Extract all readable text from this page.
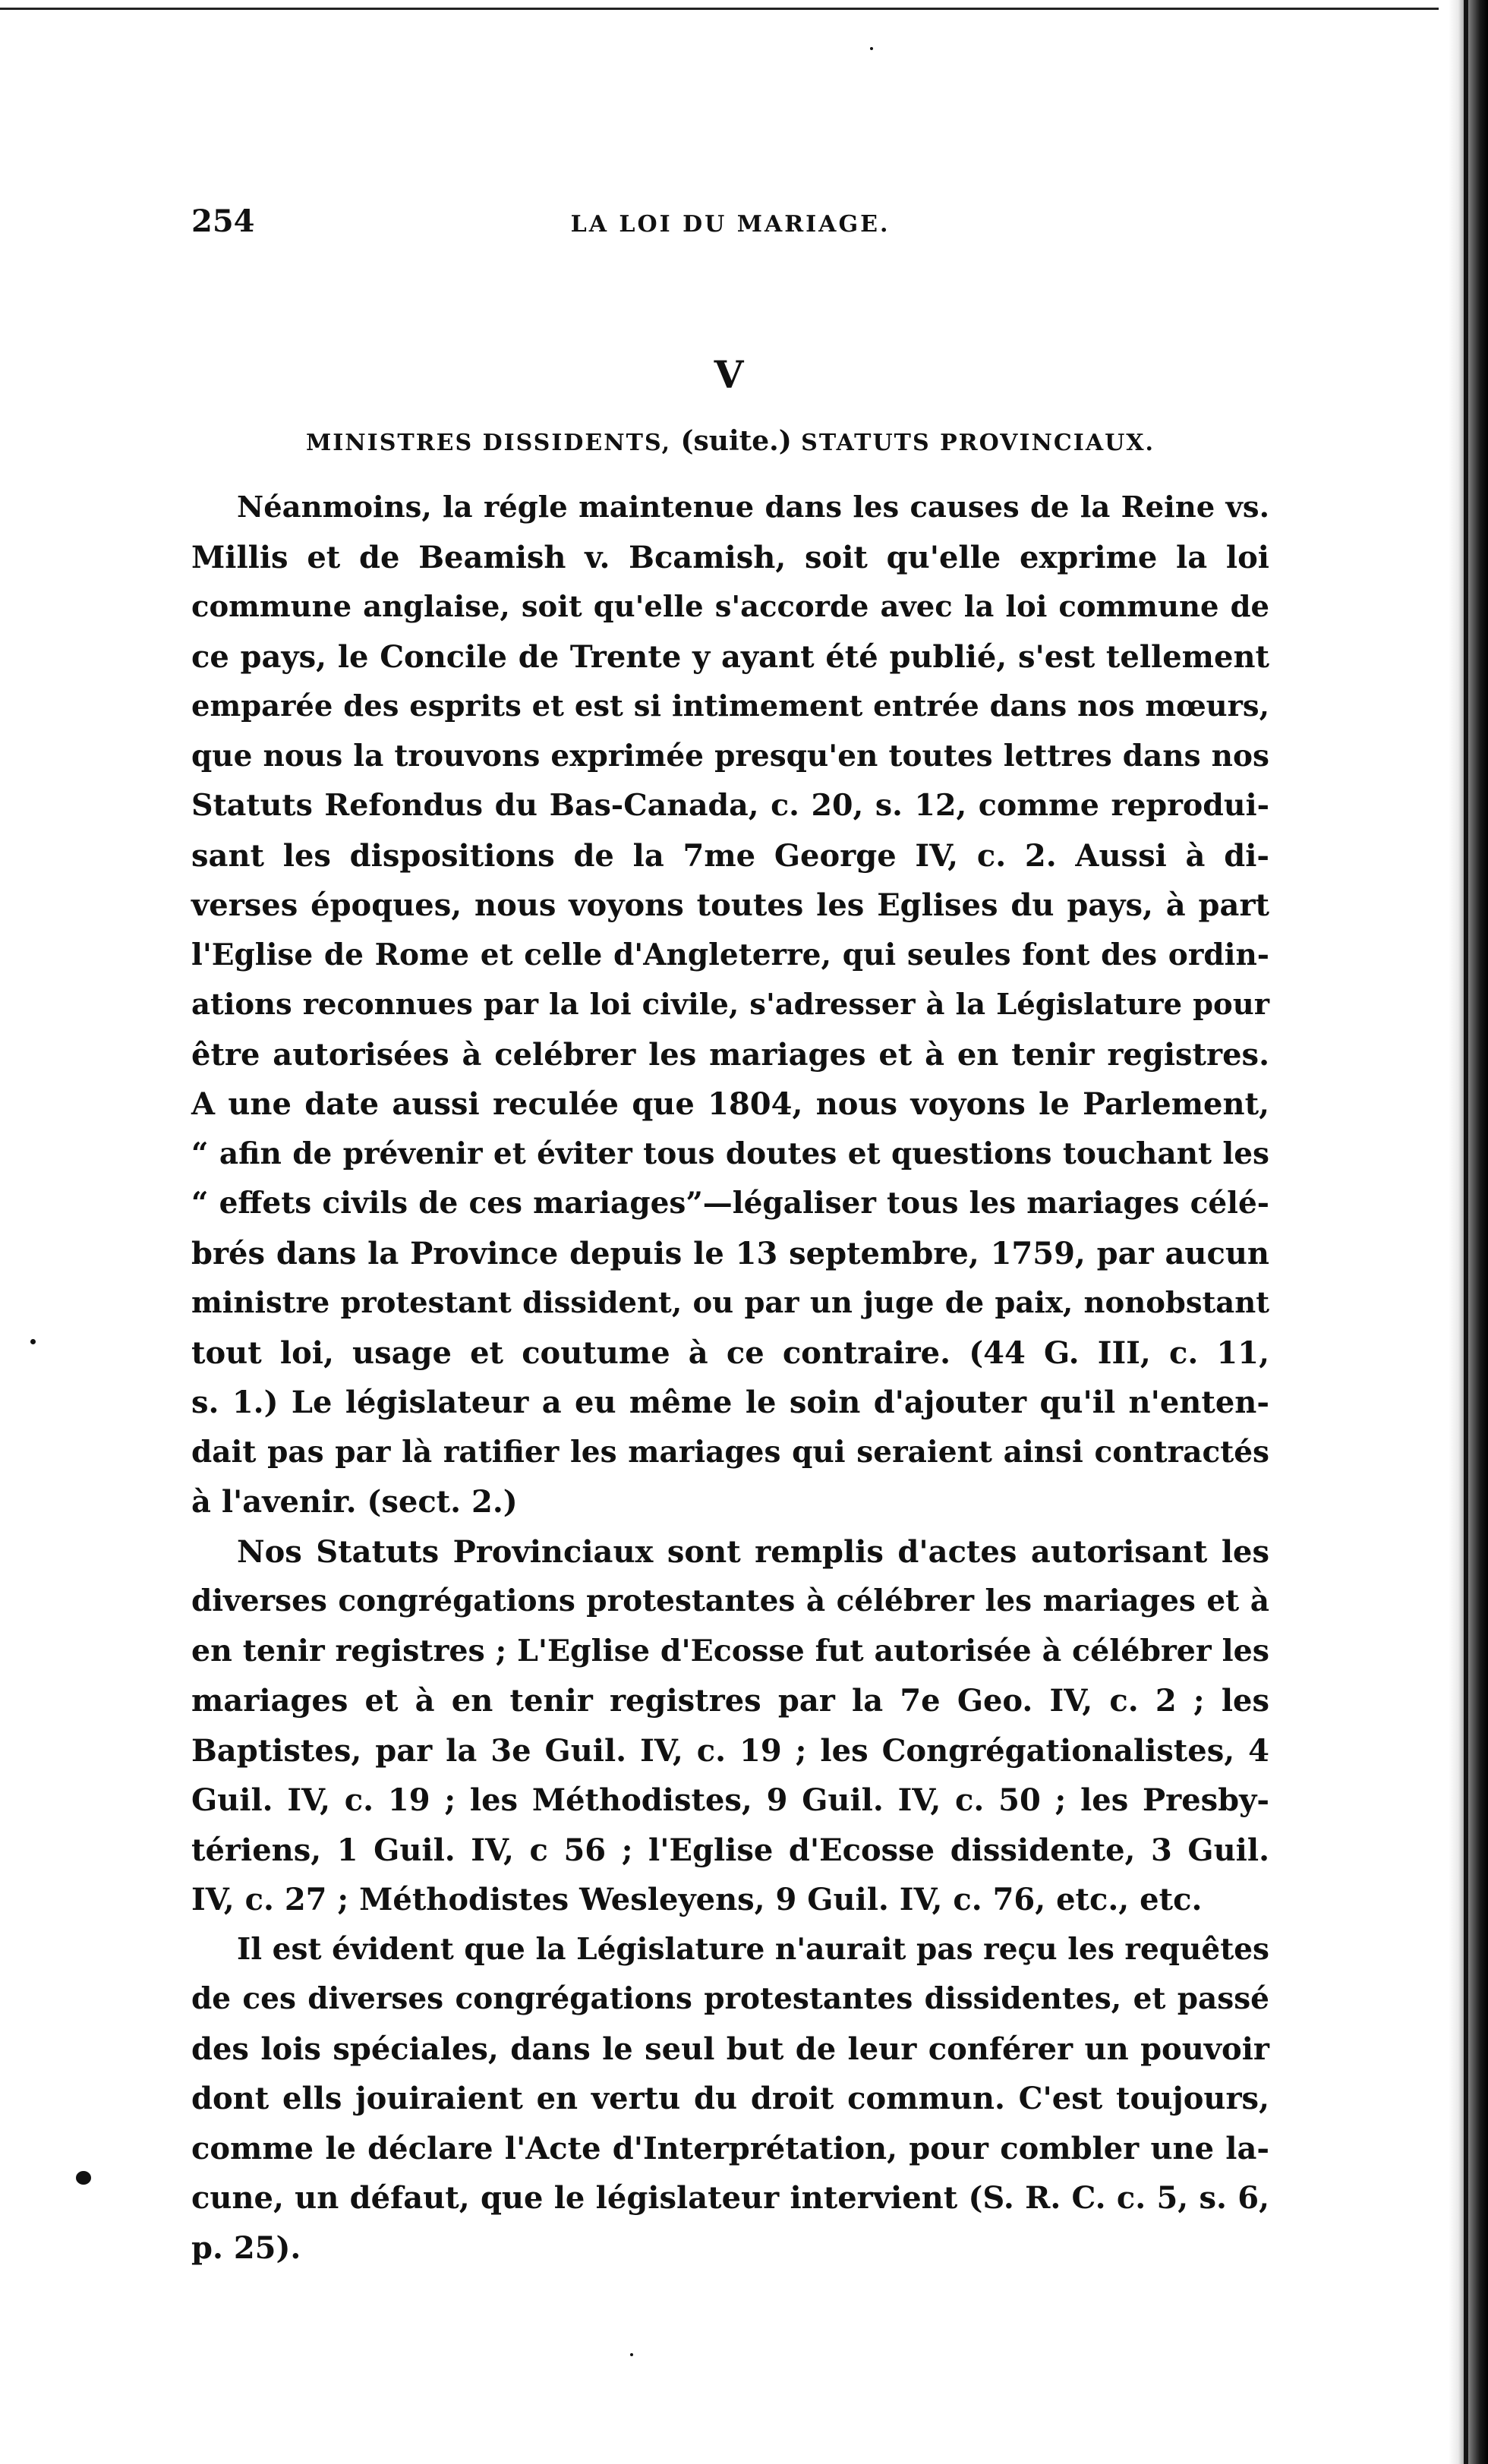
254	LA LOI DU MARIAGE.
V
MINISTRES DISSIDENTS, (suite.) STATUTS PROVINCIAUX.
Néanmoins, la régle maintenue dans les causes de la Reine vs.
Millis et de Beamish v. Bcamish, soit qu'elle exprime la loi
commune anglaise, soit qu'elle s'accorde avec la loi commune de
ce pays, le Concile de Trente y ayant été publié, s'est tellement
emparée des esprits et est si intimement entrée dans nos mœurs,
que nous la trouvons exprimée presqu'en toutes lettres dans nos
Statuts Refondus du Bas-Canada, c. 20, s. 12, comme reprodui-
sant les dispositions de la 7me George IV, c. 2. Aussi à di-
verses époques, nous voyons toutes les Eglises du pays, à part
l'Eglise de Rome et celle d'Angleterre, qui seules font des ordin-
ations reconnues par la loi civile, s'adresser à la Législature pour
être autorisées à celébrer les mariages et à en tenir registres.
A une date aussi reculée que 1804, nous voyons le Parlement,
“ afin de prévenir et éviter tous doutes et questions touchant les
“ effets civils de ces mariages”—légaliser tous les mariages célé-
brés dans la Province depuis le 13 septembre, 1759, par aucun
ministre protestant dissident, ou par un juge de paix, nonobstant
tout loi, usage et coutume à ce contraire. (44 G. III, c. 11,
s. 1.) Le législateur a eu même le soin d'ajouter qu'il n'enten-
dait pas par là ratifier les mariages qui seraient ainsi contractés
à l'avenir. (sect. 2.)
Nos Statuts Provinciaux sont remplis d'actes autorisant les
diverses congrégations protestantes à célébrer les mariages et à
en tenir registres ; L'Eglise d'Ecosse fut autorisée à célébrer les
mariages et à en tenir registres par la 7e Geo. IV, c. 2 ; les
Baptistes, par la 3e Guil. IV, c. 19 ; les Congrégationalistes, 4
Guil. IV, c. 19 ; les Méthodistes, 9 Guil. IV, c. 50 ; les Presby-
tériens, 1 Guil. IV, c 56 ; l'Eglise d'Ecosse dissidente, 3 Guil.
IV, c. 27 ; Méthodistes Wesleyens, 9 Guil. IV, c. 76, etc., etc.
Il est évident que la Législature n'aurait pas reçu les requêtes
de ces diverses congrégations protestantes dissidentes, et passé
des lois spéciales, dans le seul but de leur conférer un pouvoir
dont ells jouiraient en vertu du droit commun. C'est toujours,
comme le déclare l'Acte d'Interprétation, pour combler une la-
cune, un défaut, que le législateur intervient (S. R. C. c. 5, s. 6,
p. 25).
